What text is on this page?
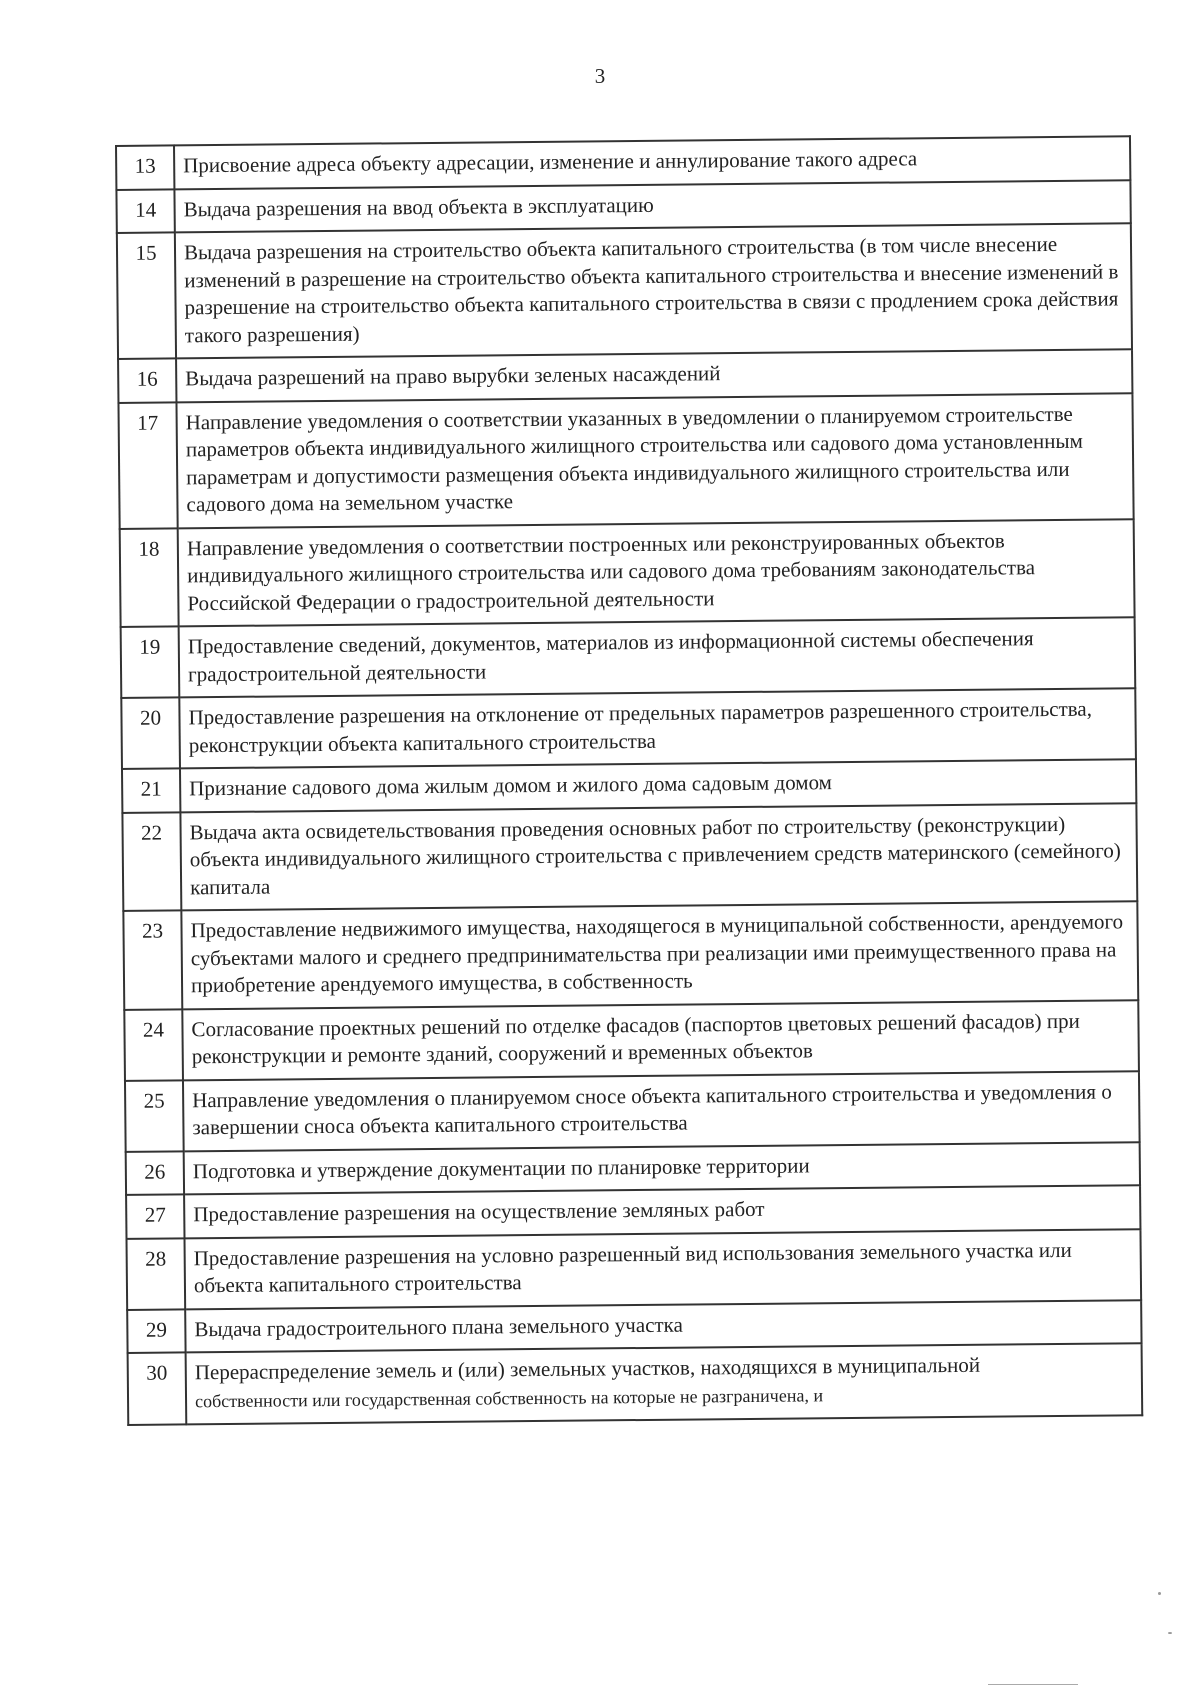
3
13	Присвоение адреса объекту адресации, изменение и аннулирование такого адреса
14	Выдача разрешения на ввод объекта в эксплуатацию
15	Выдача разрешения на строительство объекта капитального строительства (в том числе внесение изменений в разрешение на строительство объекта капитального строительства и внесение изменений в разрешение на строительство объекта капитального строительства в связи с продлением срока действия такого разрешения)
16	Выдача разрешений на право вырубки зеленых насаждений
17	Направление уведомления о соответствии указанных в уведомлении о планируемом строительстве параметров объекта индивидуального жилищного строительства или садового дома установленным параметрам и допустимости размещения объекта индивидуального жилищного строительства или садового дома на земельном участке
18	Направление уведомления о соответствии построенных или реконструированных объектов индивидуального жилищного строительства или садового дома требованиям законодательства Российской Федерации о градостроительной деятельности
19	Предоставление сведений, документов, материалов из информационной системы обеспечения градостроительной деятельности
20	Предоставление разрешения на отклонение от предельных параметров разрешенного строительства, реконструкции объекта капитального строительства
21	Признание садового дома жилым домом и жилого дома садовым домом
22	Выдача акта освидетельствования проведения основных работ по строительству (реконструкции) объекта индивидуального жилищного строительства с привлечением средств материнского (семейного) капитала
23	Предоставление недвижимого имущества, находящегося в муниципальной собственности, арендуемого субъектами малого и среднего предпринимательства при реализации ими преимущественного права на приобретение арендуемого имущества, в собственность
24	Согласование проектных решений по отделке фасадов (паспортов цветовых решений фасадов) при реконструкции и ремонте зданий, сооружений и временных объектов
25	Направление уведомления о планируемом сносе объекта капитального строительства и уведомления о завершении сноса объекта капитального строительства
26	Подготовка и утверждение документации по планировке территории
27	Предоставление разрешения на осуществление земляных работ
28	Предоставление разрешения на условно разрешенный вид использования земельного участка или объекта капитального строительства
29	Выдача градостроительного плана земельного участка
30	Перераспределение земель и (или) земельных участков, находящихся в муниципальной
собственности или государственная собственность на которые не разграничена, и
